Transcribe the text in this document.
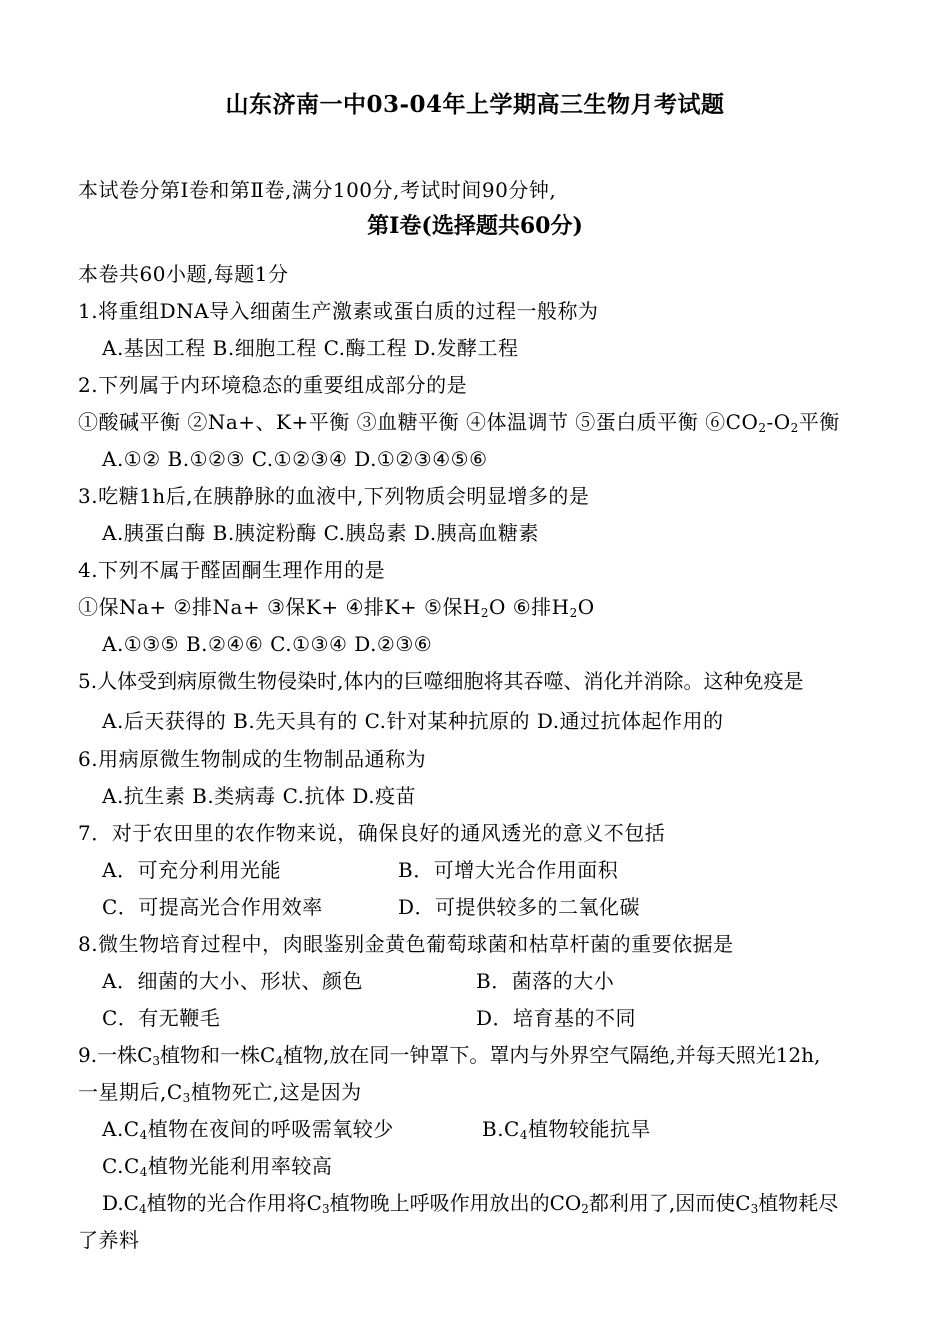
山东济南一中03-04年上学期高三生物月考试题
本试卷分第Ⅰ卷和第Ⅱ卷,满分100分,考试时间90分钟,
第Ⅰ卷(选择题共60分)
本卷共60小题,每题1分
1.将重组DNA导入细菌生产激素或蛋白质的过程一般称为
A.基因工程 B.细胞工程 C.酶工程 D.发酵工程
2.下列属于内环境稳态的重要组成部分的是
①酸碱平衡 ②Na+、K+平衡 ③血糖平衡 ④体温调节 ⑤蛋白质平衡 $⑥CO_2-O_2$平衡
A.①② B.①②③ C.①②③④ D.①②③④⑤⑥
3.吃糖1h后,在胰静脉的血液中,下列物质会明显增多的是
A.胰蛋白酶 B.胰淀粉酶 C.胰岛素 D.胰高血糖素
4.下列不属于醛固酮生理作用的是
①保Na+ ②排Na+ ③保K+ ④排K+ ⑤保$H_2O$ ⑥排$H_2O$
A.①③⑤ B.②④⑥ C.①③④ D.②③⑥
5.人体受到病原微生物侵染时,体内的巨噬细胞将其吞噬、消化并消除。这种免疫是
A.后天获得的 B.先天具有的 C.针对某种抗原的 D.通过抗体起作用的
6.用病原微生物制成的生物制品通称为
A.抗生素 B.类病毒 C.抗体 D.疫苗
7．对于农田里的农作物来说，确保良好的通风透光的意义不包括
A．可充分利用光能	B．可增大光合作用面积
C．可提高光合作用效率	D．可提供较多的二氧化碳
8.微生物培育过程中，肉眼鉴别金黄色葡萄球菌和枯草杆菌的重要依据是
A．细菌的大小、形状、颜色	B．菌落的大小
C．有无鞭毛	D．培育基的不同
9.一株$C_3$植物和一株$C_4$植物,放在同一钟罩下。罩内与外界空气隔绝,并每天照光12h,
一星期后$,C_3$植物死亡,这是因为
$A.C_4$植物在夜间的呼吸需氧较少	$B.C_4$植物较能抗旱
$C.C_4$植物光能利用率较高
$D.C_4$植物的光合作用将$C_3$植物晚上呼吸作用放出的$CO_2$都利用了,因而使$C_3$植物耗尽
了养料
